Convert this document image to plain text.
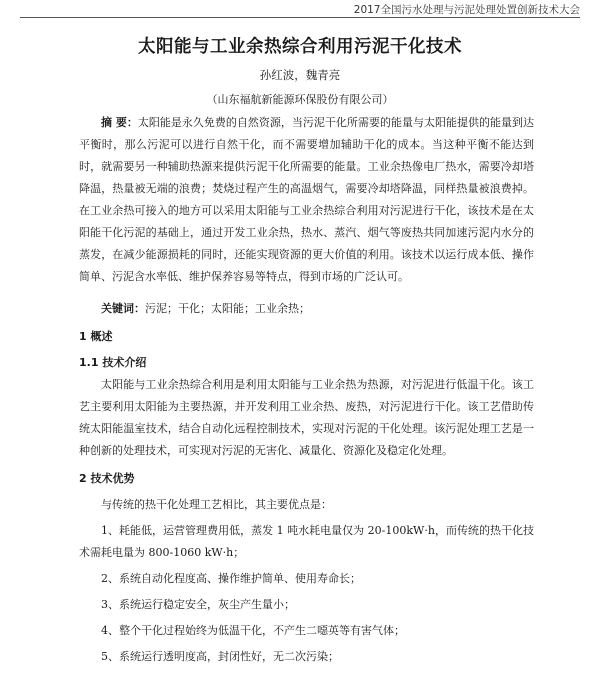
2017全国污水处理与污泥处理处置创新技术大会
太阳能与工业余热综合利用污泥干化技术
孙红波，魏青亮
（山东福航新能源环保股份有限公司）

摘 要：太阳能是永久免费的自然资源，当污泥干化所需要的能量与太阳能提供的能量到达平衡时，那么污泥可以进行自然干化，而不需要增加辅助干化的成本。当这种平衡不能达到时，就需要另一种辅助热源来提供污泥干化所需要的能量。工业余热像电厂热水，需要冷却塔降温，热量被无端的浪费；焚烧过程产生的高温烟气，需要冷却塔降温，同样热量被浪费掉。在工业余热可接入的地方可以采用太阳能与工业余热综合利用对污泥进行干化，该技术是在太阳能干化污泥的基础上，通过开发工业余热，热水、蒸汽、烟气等废热共同加速污泥内水分的蒸发，在减少能源损耗的同时，还能实现资源的更大价值的利用。该技术以运行成本低、操作简单、污泥含水率低、维护保养容易等特点，得到市场的广泛认可。

关键词：污泥；干化；太阳能；工业余热；

1 概述
1.1 技术介绍

太阳能与工业余热综合利用是利用太阳能与工业余热为热源，对污泥进行低温干化。该工艺主要利用太阳能为主要热源，并开发利用工业余热、废热，对污泥进行干化。该工艺借助传统太阳能温室技术，结合自动化远程控制技术，实现对污泥的干化处理。该污泥处理工艺是一种创新的处理技术，可实现对污泥的无害化、减量化、资源化及稳定化处理。

2 技术优势

与传统的热干化处理工艺相比，其主要优点是：

1、耗能低，运营管理费用低，蒸发 1 吨水耗电量仅为 20-100kW·h，而传统的热干化技术需耗电量为 800-1060 kW·h；

2、系统自动化程度高、操作维护简单、使用寿命长；

3、系统运行稳定安全，灰尘产生量小；

4、整个干化过程始终为低温干化，不产生二噁英等有害气体；

5、系统运行透明度高，封闭性好，无二次污染；
